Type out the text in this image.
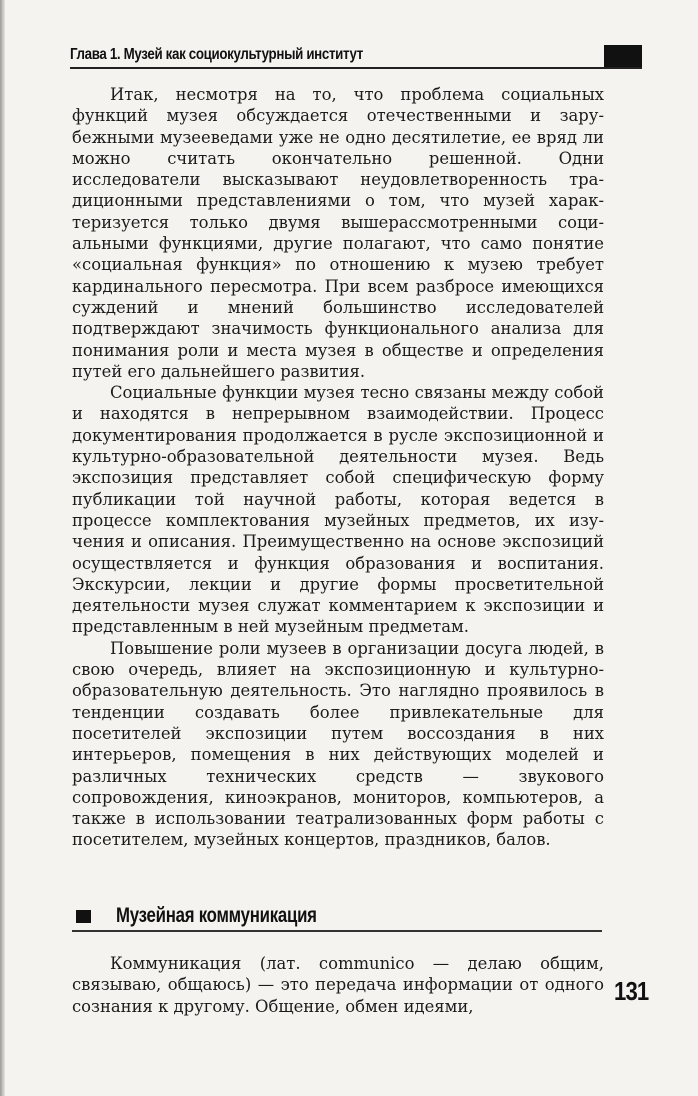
Глава 1. Музей как социокультурный институт

Итак, несмотря на то, что проблема социальных функций музея обсуждается отечественными и зарубежными музееведами уже не одно десятилетие, ее вряд ли можно считать окончательно решенной. Одни исследователи высказывают неудовлетворенность традиционными представлениями о том, что музей характеризуется только двумя вышерассмотренными социальными функциями, другие полагают, что само понятие «социальная функция» по отношению к музею требует кардинального пересмотра. При всем разбросе имеющихся суждений и мнений большинство исследователей подтверждают значимость функционального анализа для понимания роли и места музея в обществе и определения путей его дальнейшего развития.

Социальные функции музея тесно связаны между собой и находятся в непрерывном взаимодействии. Процесс документирования продолжается в русле экспозиционной и культурно-образовательной деятельности музея. Ведь экспозиция представляет собой специфическую форму публикации той научной работы, которая ведется в процессе комплектования музейных предметов, их изучения и описания. Преимущественно на основе экспозиций осуществляется и функция образования и воспитания. Экскурсии, лекции и другие формы просветительной деятельности музея служат комментарием к экспозиции и представленным в ней музейным предметам.

Повышение роли музеев в организации досуга людей, в свою очередь, влияет на экспозиционную и культурно-образовательную деятельность. Это наглядно проявилось в тенденции создавать более привлекательные для посетителей экспозиции путем воссоздания в них интерьеров, помещения в них действующих моделей и различных технических средств — звукового сопровождения, киноэкранов, мониторов, компьютеров, а также в использовании театрализованных форм работы с посетителем, музейных концертов, праздников, балов.

Музейная коммуникация

Коммуникация (лат. communico — делаю общим, связываю, общаюсь) — это передача информации от одного сознания к другому. Общение, обмен идеями,

131
